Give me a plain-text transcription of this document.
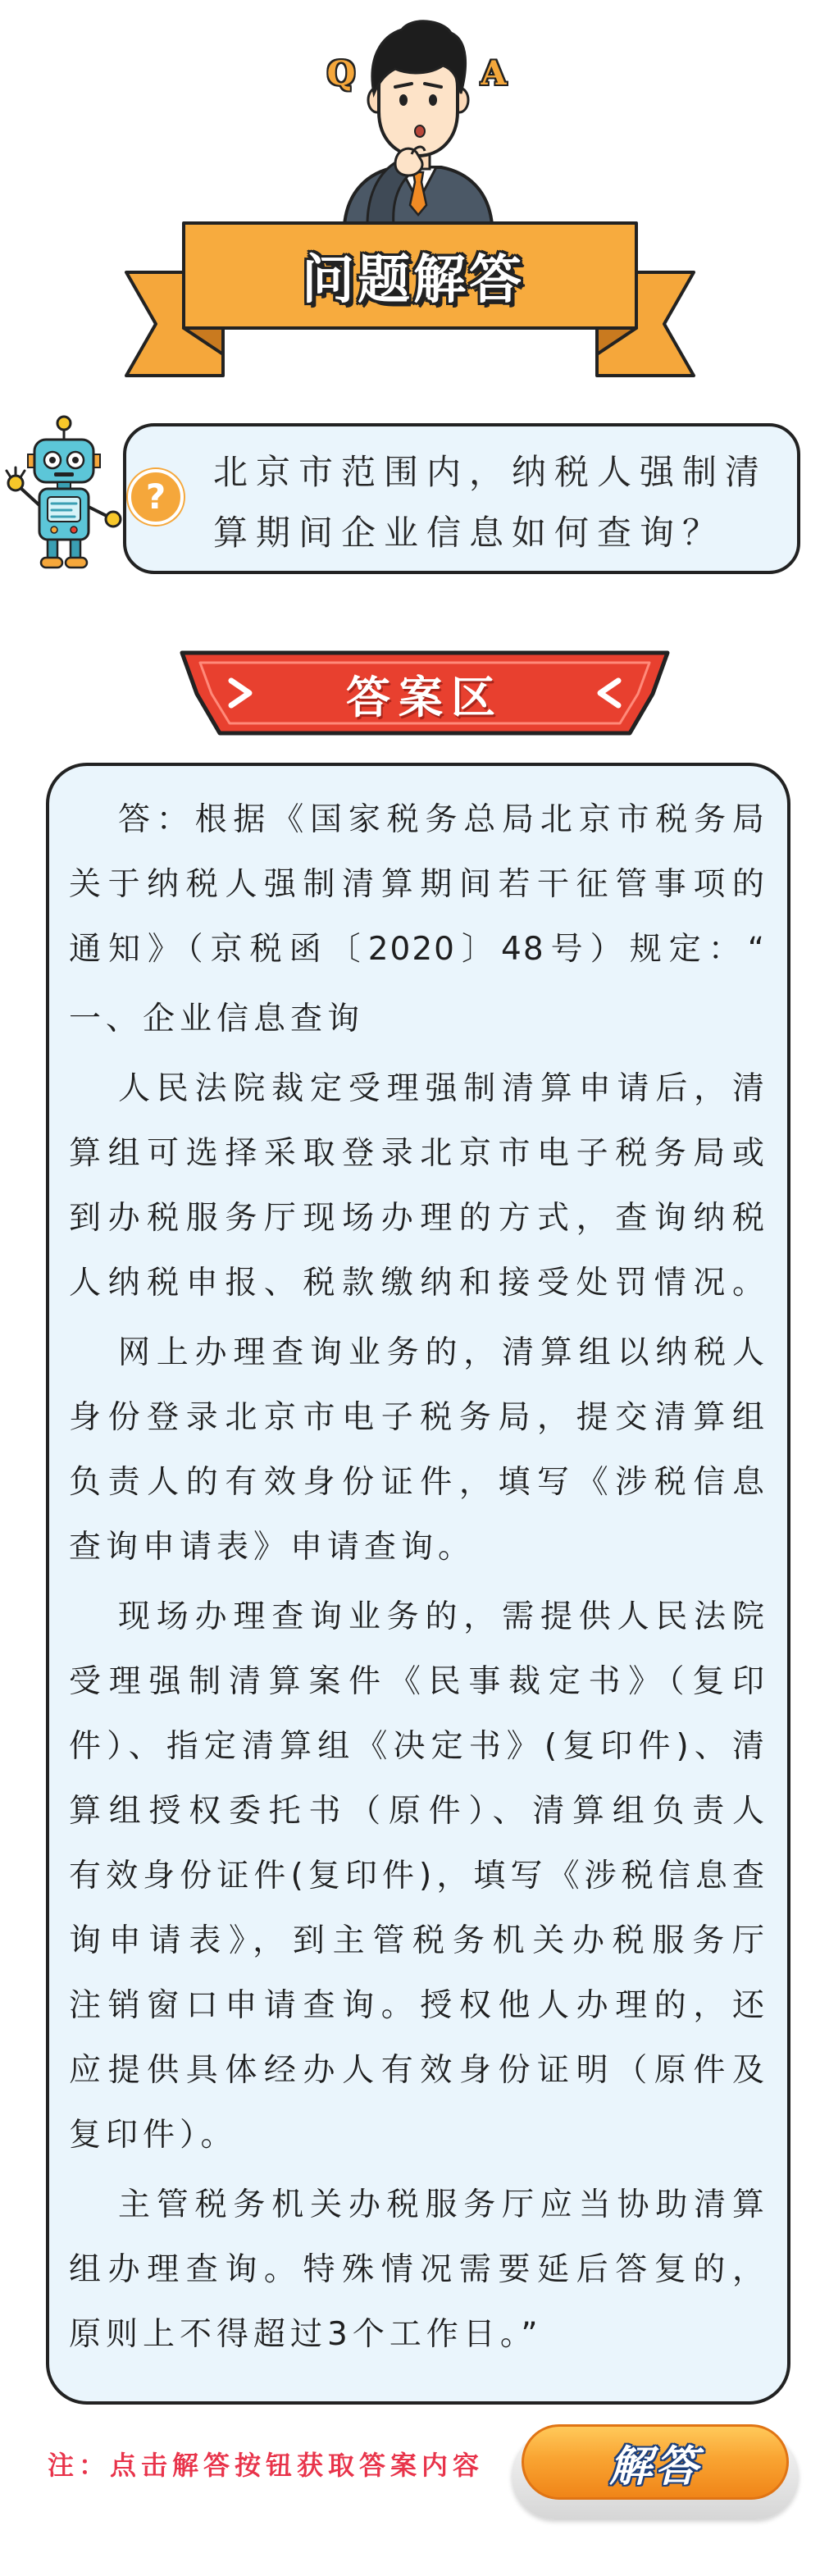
Q	A
问题解答
北京市范围内，纳税人强制清
算期间企业信息如何查询？
?
答案区
答：根据《国家税务总局北京市税务局
关于纳税人强制清算期间若干征管事项的
通知》（京税函〔2020〕48号）规定：“
一、企业信息查询
人民法院裁定受理强制清算申请后，清
算组可选择采取登录北京市电子税务局或
到办税服务厅现场办理的方式，查询纳税
人纳税申报、税款缴纳和接受处罚情况。
网上办理查询业务的，清算组以纳税人
身份登录北京市电子税务局，提交清算组
负责人的有效身份证件，填写《涉税信息
查询申请表》申请查询。
现场办理查询业务的，需提供人民法院
受理强制清算案件《民事裁定书》（复印
件）、指定清算组《决定书》(复印件)、清
算组授权委托书（原件）、清算组负责人
有效身份证件(复印件)，填写《涉税信息查
询申请表》，到主管税务机关办税服务厅
注销窗口申请查询。授权他人办理的，还
应提供具体经办人有效身份证明（原件及
复印件）。
主管税务机关办税服务厅应当协助清算
组办理查询。特殊情况需要延后答复的，
原则上不得超过3个工作日。”
注：点击解答按钮获取答案内容	解答
